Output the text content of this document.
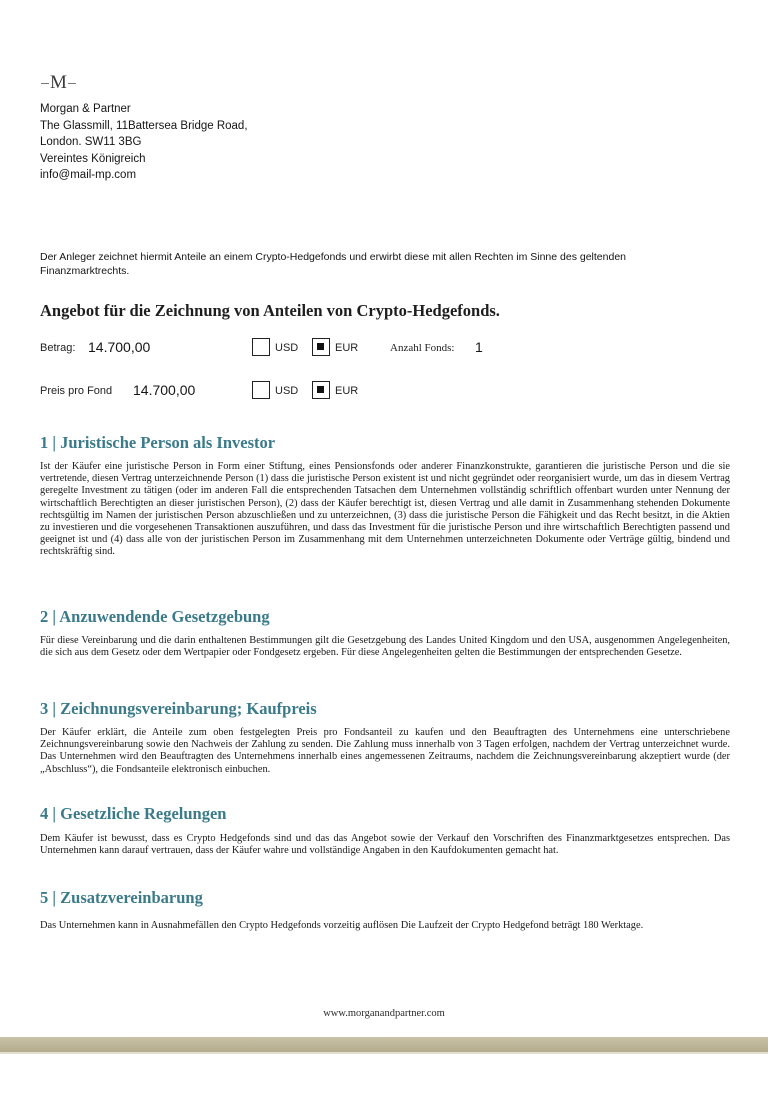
M
Morgan & Partner
The Glassmill, 11Battersea Bridge Road,
London. SW11 3BG
Vereintes Königreich
info@mail-mp.com
Der Anleger zeichnet hiermit Anteile an einem Crypto-Hedgefonds und erwirbt diese mit allen Rechten im Sinne des geltenden Finanzmarktrechts.
Angebot für die Zeichnung von Anteilen von Crypto-Hedgefonds.
Betrag: 14.700,00	USD	EUR	Anzahl Fonds: 1
Preis pro Fond 14.700,00	USD	EUR
1 | Juristische Person als Investor
Ist der Käufer eine juristische Person in Form einer Stiftung, eines Pensionsfonds oder anderer Finanzkonstrukte, garantieren die juristische Person und die sie vertretende, diesen Vertrag unterzeichnende Person (1) dass die juristische Person existent ist und nicht gegründet oder reorganisiert wurde, um das in diesem Vertrag geregelte Investment zu tätigen (oder im anderen Fall die entsprechenden Tatsachen dem Unternehmen vollständig schriftlich offenbart wurden unter Nennung der wirtschaftlich Berechtigten an dieser juristischen Person), (2) dass der Käufer berechtigt ist, diesen Vertrag und alle damit in Zusammenhang stehenden Dokumente rechtsgültig im Namen der juristischen Person abzuschließen und zu unterzeichnen, (3) dass die juristische Person die Fähigkeit und das Recht besitzt, in die Aktien zu investieren und die vorgesehenen Transaktionen auszuführen, und dass das Investment für die juristische Person und ihre wirtschaftlich Berechtigten passend und geeignet ist und (4) dass alle von der juristischen Person im Zusammenhang mit dem Unternehmen unterzeichneten Dokumente oder Verträge gültig, bindend und rechtskräftig sind.
2 | Anzuwendende Gesetzgebung
Für diese Vereinbarung und die darin enthaltenen Bestimmungen gilt die Gesetzgebung des Landes United Kingdom und den USA, ausgenommen Angelegenheiten, die sich aus dem Gesetz oder dem Wertpapier oder Fondgesetz ergeben. Für diese Angelegenheiten gelten die Bestimmungen der entsprechenden Gesetze.
3 | Zeichnungsvereinbarung; Kaufpreis
Der Käufer erklärt, die Anteile zum oben festgelegten Preis pro Fondsanteil zu kaufen und den Beauftragten des Unternehmens eine unterschriebene Zeichnungsvereinbarung sowie den Nachweis der Zahlung zu senden. Die Zahlung muss innerhalb von 3 Tagen erfolgen, nachdem der Vertrag unterzeichnet wurde. Das Unternehmen wird den Beauftragten des Unternehmens innerhalb eines angemessenen Zeitraums, nachdem die Zeichnungsvereinbarung akzeptiert wurde (der „Abschluss“), die Fondsanteile elektronisch einbuchen.
4 | Gesetzliche Regelungen
Dem Käufer ist bewusst, dass es Crypto Hedgefonds sind und das das Angebot sowie der Verkauf den Vorschriften des Finanzmarktgesetzes entsprechen. Das Unternehmen kann darauf vertrauen, dass der Käufer wahre und vollständige Angaben in den Kaufdokumenten gemacht hat.
5 | Zusatzvereinbarung
Das Unternehmen kann in Ausnahmefällen den Crypto Hedgefonds vorzeitig auflösen Die Laufzeit der Crypto Hedgefond beträgt 180 Werktage.
www.morganandpartner.com
